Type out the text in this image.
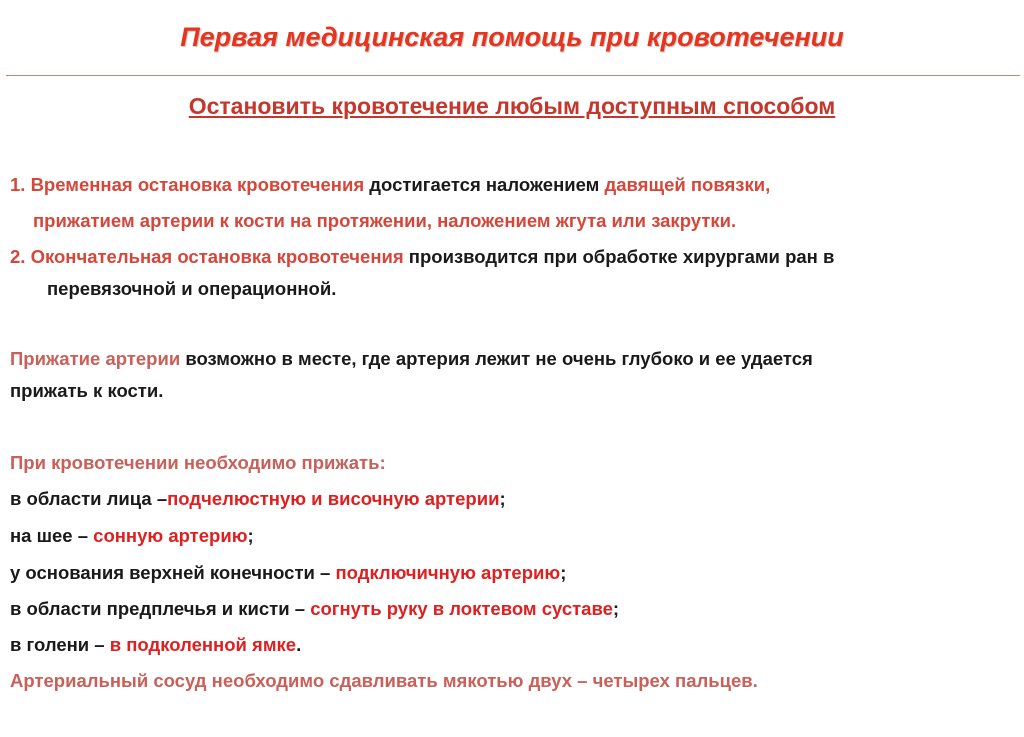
Первая медицинская помощь при кровотечении
Остановить кровотечение любым доступным способом

1. Временная остановка кровотечения достигается наложением давящей повязки,

прижатием артерии к кости на протяжении, наложением жгута или закрутки.

2. Окончательная остановка кровотечения производится при обработке хирургами ран в

перевязочной и операционной.

Прижатие артерии возможно в месте, где артерия лежит не очень глубоко и ее удается

прижать к кости.

При кровотечении необходимо прижать:

в области лица –подчелюстную и височную артерии;

на шее – сонную артерию;

у основания верхней конечности – подключичную артерию;

в области предплечья и кисти – согнуть руку в локтевом суставе;

в голени – в подколенной ямке.

Артериальный сосуд необходимо сдавливать мякотью двух – четырех пальцев.
